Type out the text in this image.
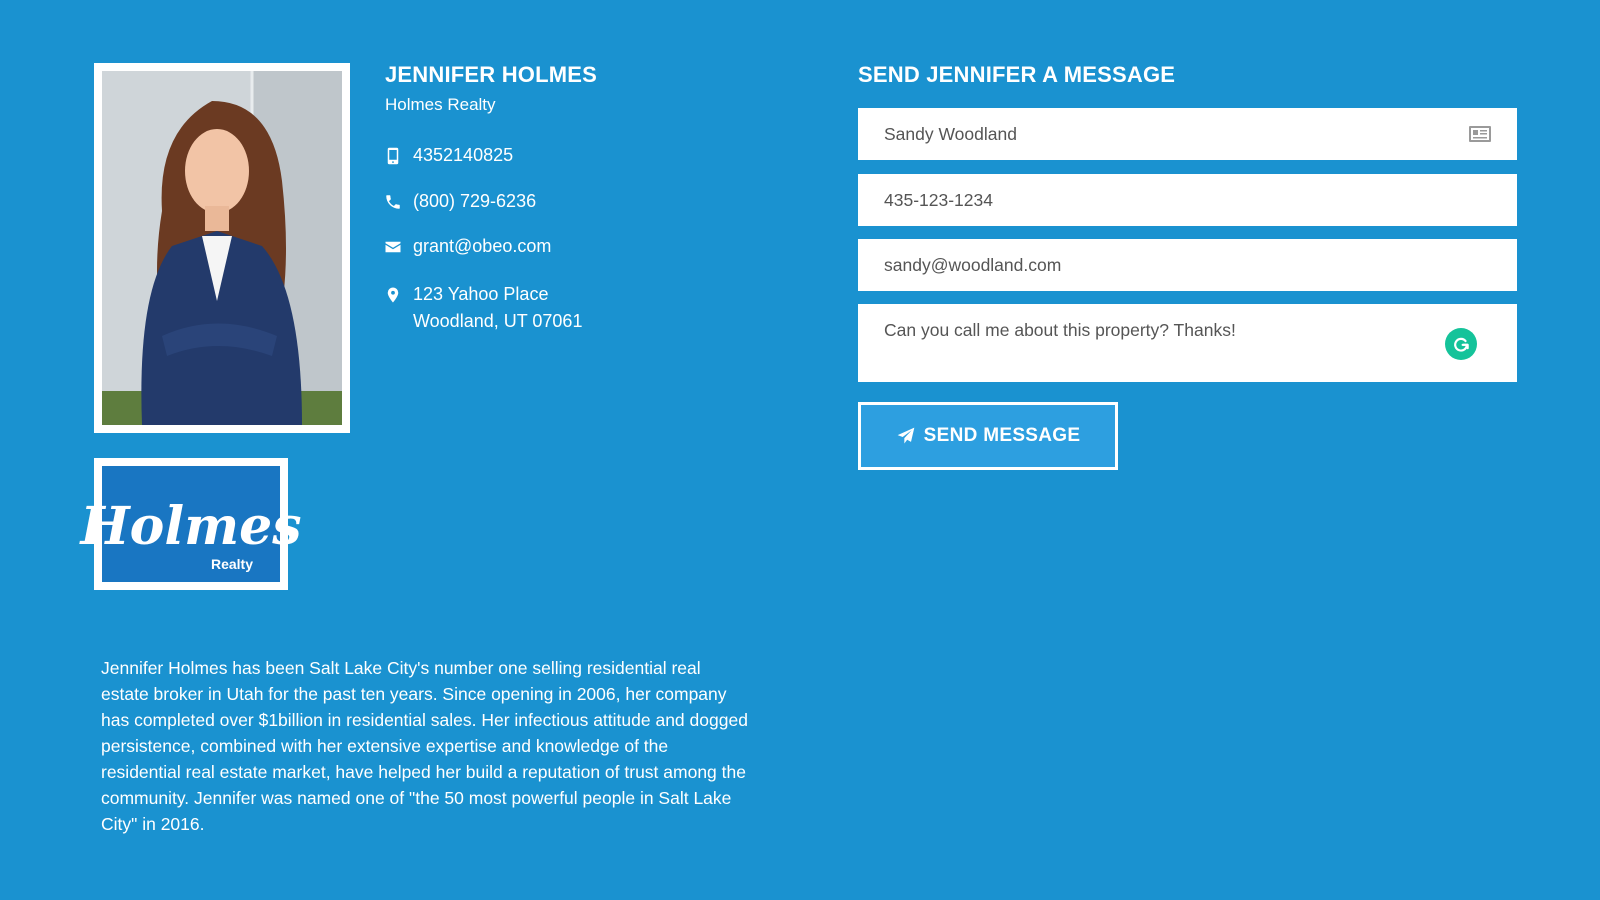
Holmes
Realty
JENNIFER HOLMES
Holmes Realty
4352140825
(800) 729-6236
grant@obeo.com
123 Yahoo Place
Woodland, UT 07061
Jennifer Holmes has been Salt Lake City's number one selling residential real estate broker in Utah for the past ten years. Since opening in 2006, her company has completed over $1billion in residential sales. Her infectious attitude and dogged persistence, combined with her extensive expertise and knowledge of the residential real estate market, have helped her build a reputation of trust among the community. Jennifer was named one of "the 50 most powerful people in Salt Lake City" in 2016.
SEND JENNIFER A MESSAGE
Sandy Woodland
435-123-1234
sandy@woodland.com
Can you call me about this property? Thanks!
SEND MESSAGE
